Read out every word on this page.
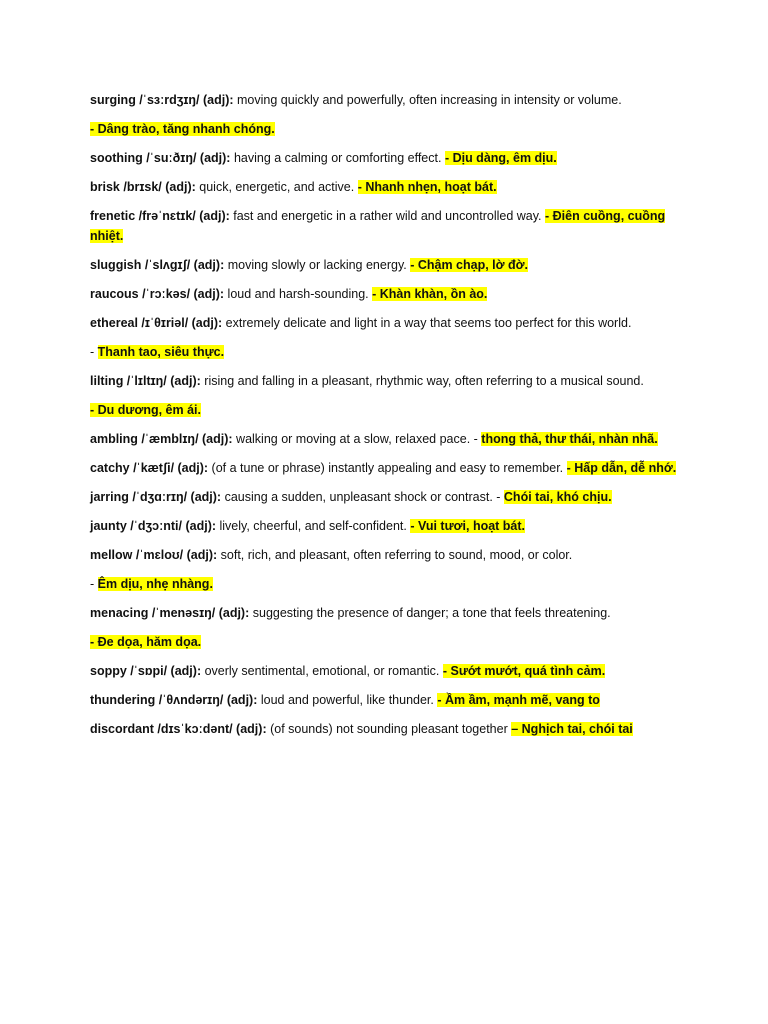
surging /ˈsɜːrdʒɪŋ/ (adj): moving quickly and powerfully, often increasing in intensity or volume.
- Dâng trào, tăng nhanh chóng.
soothing /ˈsuːðɪŋ/ (adj): having a calming or comforting effect. - Dịu dàng, êm dịu.
brisk /brɪsk/ (adj): quick, energetic, and active. - Nhanh nhẹn, hoạt bát.
frenetic /frəˈnɛtɪk/ (adj): fast and energetic in a rather wild and uncontrolled way. - Điên cuồng, cuồng nhiệt.
sluggish /ˈslʌgɪʃ/ (adj): moving slowly or lacking energy. - Chậm chạp, lờ đờ.
raucous /ˈrɔːkəs/ (adj): loud and harsh-sounding. - Khàn khàn, ồn ào.
ethereal /ɪˈθɪriəl/ (adj): extremely delicate and light in a way that seems too perfect for this world.
- Thanh tao, siêu thực.
lilting /ˈlɪltɪŋ/ (adj): rising and falling in a pleasant, rhythmic way, often referring to a musical sound.
- Du dương, êm ái.
ambling /ˈæmblɪŋ/ (adj): walking or moving at a slow, relaxed pace. - thong thả, thư thái, nhàn nhã.
catchy /ˈkætʃi/ (adj): (of a tune or phrase) instantly appealing and easy to remember. - Hấp dẫn, dễ nhớ.
jarring /ˈdʒɑːrɪŋ/ (adj): causing a sudden, unpleasant shock or contrast. - Chói tai, khó chịu.
jaunty /ˈdʒɔːnti/ (adj): lively, cheerful, and self-confident. - Vui tươi, hoạt bát.
mellow /ˈmɛloʊ/ (adj): soft, rich, and pleasant, often referring to sound, mood, or color.
- Êm dịu, nhẹ nhàng.
menacing /ˈmenəsɪŋ/ (adj): suggesting the presence of danger; a tone that feels threatening.
- Đe dọa, hăm dọa.
soppy /ˈsɒpi/ (adj): overly sentimental, emotional, or romantic. - Sướt mướt, quá tình cảm.
thundering /ˈθʌndərɪŋ/ (adj): loud and powerful, like thunder. - Ầm ầm, mạnh mẽ, vang to
discordant /dɪsˈkɔːdənt/ (adj): (of sounds) not sounding pleasant together – Nghịch tai, chói tai
